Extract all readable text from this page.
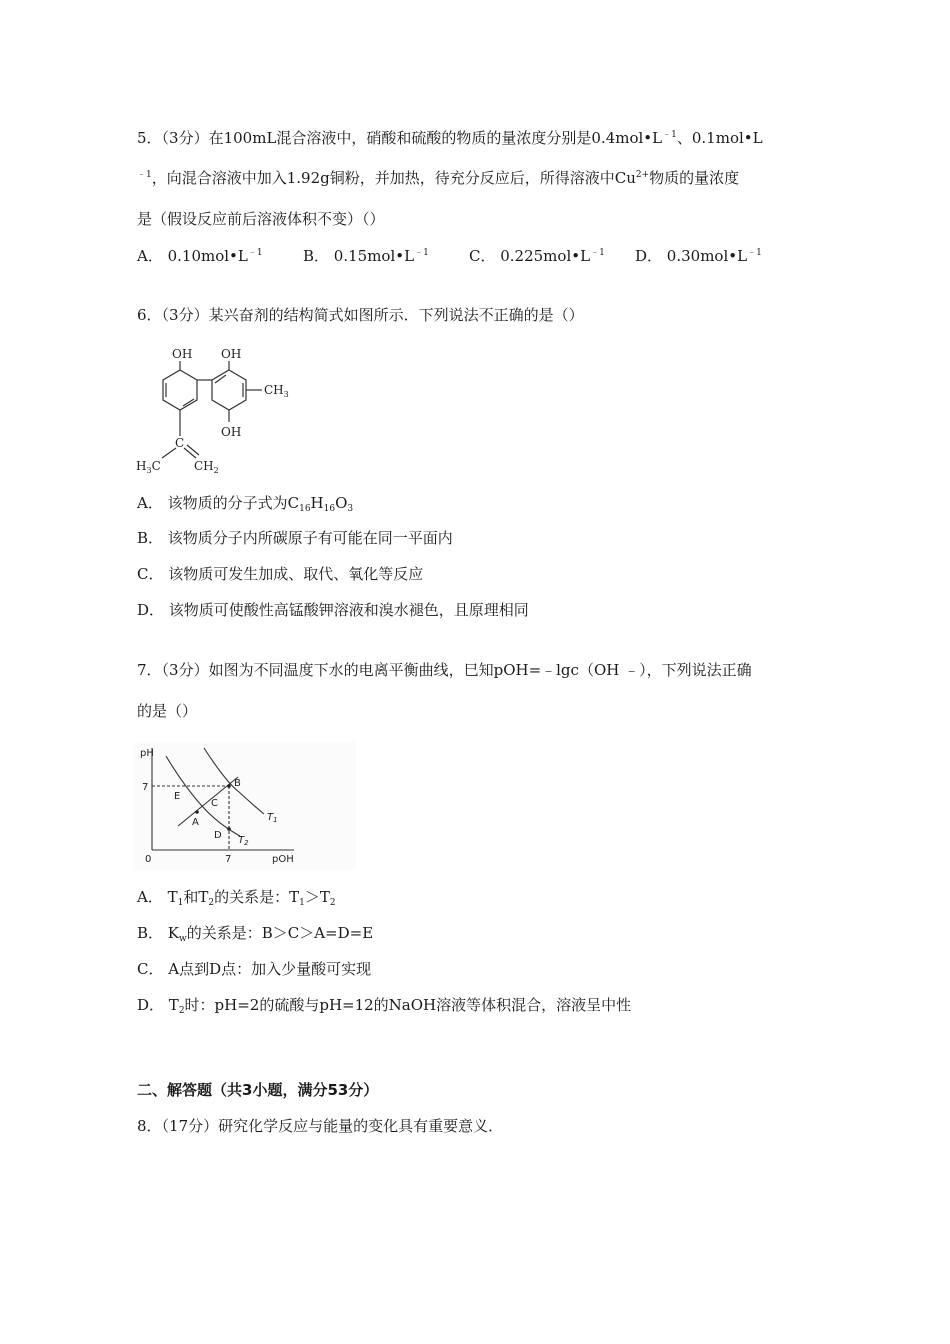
5．（3分）在100mL混合溶液中，硝酸和硫酸的物质的量浓度分别是$0.4mol•L^{﹣1}$、0.1mol•L
$^{﹣1}$，向混合溶液中加入1.92g铜粉，并加热，待充分反应后，所得溶液中$Cu^{2+}$物质的量浓度
是（假设反应前后溶液体积不变）（）
A． $0.10mol•L^{﹣1}$	B． $0.15mol•L^{﹣1}$	C． $0.225mol•L^{﹣1}$	D． $0.30mol•L^{﹣1}$
6．（3分）某兴奋剂的结构简式如图所示．下列说法不正确的是（）
OH OH
OH
$CH_3$
C
$H_3C$	$CH_2$
A． 该物质的分子式为$C_{16}H_{16}O_3$
B． 该物质分子内所碳原子有可能在同一平面内
C． 该物质可发生加成、取代、氧化等反应
D． 该物质可使酸性高锰酸钾溶液和溴水褪色，且原理相同
7．（3分）如图为不同温度下水的电离平衡曲线，巳知pOH=﹣lgc（OH ﹣），下列说法正确
的是（）
pH
7
0	7	pOH
E
B
C
A
D
$T_1$
$T_2$
A． $T_1$和$T_2$的关系是：$T_1>T_2$
B． $K_w$的关系是：B＞C＞A=D=E
C． A点到D点：加入少量酸可实现
D． $T_2$时：pH=2的硫酸与pH=12的NaOH溶液等体积混合，溶液呈中性
二、解答题（共3小题，满分53分）
8．（17分）研究化学反应与能量的变化具有重要意义．
